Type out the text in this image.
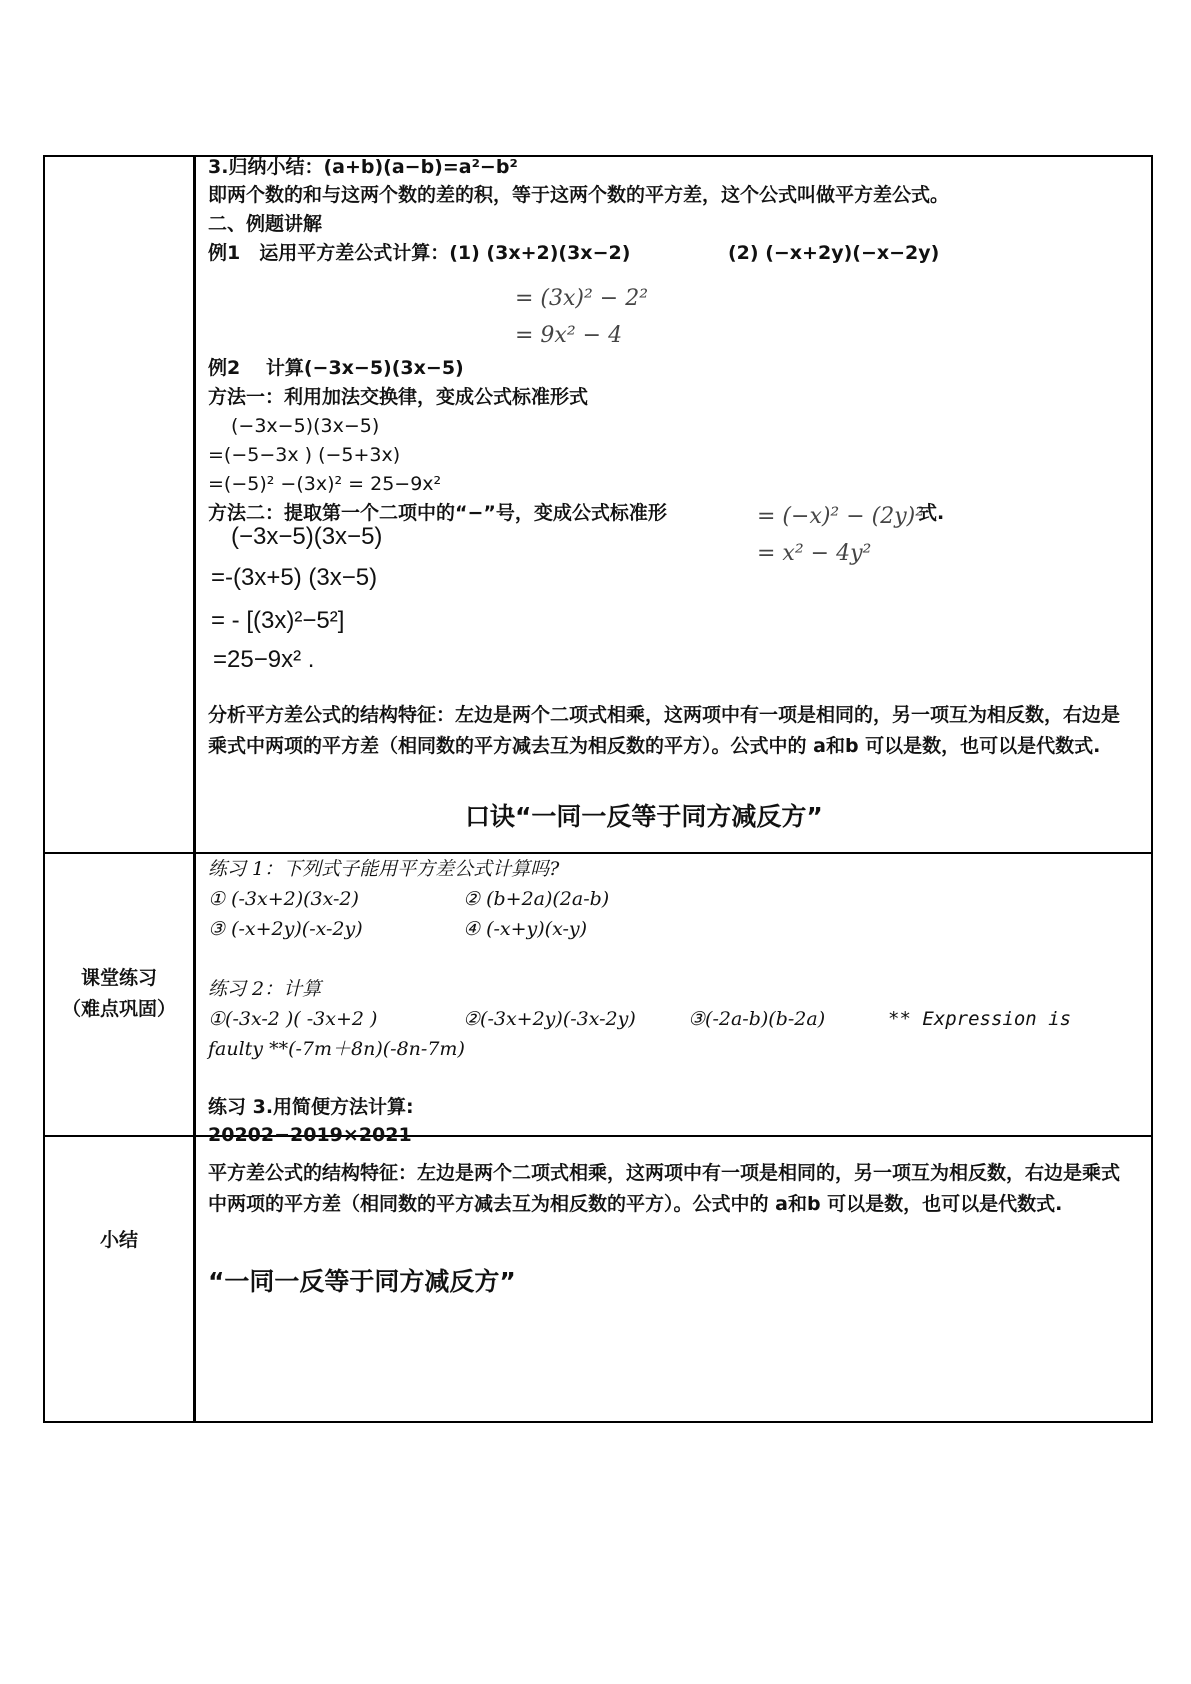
3.归纳小结：(a+b)(a−b)=a²−b²
即两个数的和与这两个数的差的积，等于这两个数的平方差，这个公式叫做平方差公式。
二、例题讲解
例1　运用平方差公式计算：(1) (3x+2)(3x−2)	(2) (−x+2y)(−x−2y)
= (3x)² − 2²
= 9x² − 4
例2　 计算(−3x−5)(3x−5)
方法一：利用加法交换律，变成公式标准形式
(−3x−5)(3x−5)
=(−5−3x ) (−5+3x)
=(−5)² −(3x)² = 25−9x²
方法二：提取第一个二项中的“−”号，变成公式标准形	= (−x)² − (2y)²
式.
= x² − 4y²
(−3x−5)(3x−5)
=-(3x+5) (3x−5)
= - [(3x)²−5²]
=25−9x² .
分析平方差公式的结构特征：左边是两个二项式相乘，这两项中有一项是相同的，另一项互为相反数，右边是乘式中两项的平方差（相同数的平方减去互为相反数的平方）。公式中的 a和b 可以是数，也可以是代数式.
口诀“一同一反等于同方减反方”
课堂练习
（难点巩固）
练习 1：下列式子能用平方差公式计算吗?
① (-3x+2)(3x-2)	② (b+2a)(2a-b)
③ (-x+2y)(-x-2y)	④ (-x+y)(x-y)
练习 2：计算
①(-3x-2 )( -3x+2 )	②(-3x+2y)(-3x-2y)	③(-2a-b)(b-2a)	** Expression is
faulty **(-7m＋8n)(-8n-7m)
练习 3.用简便方法计算:
20202−2019×2021
小结
平方差公式的结构特征：左边是两个二项式相乘，这两项中有一项是相同的，另一项互为相反数，右边是乘式中两项的平方差（相同数的平方减去互为相反数的平方）。公式中的 a和b 可以是数，也可以是代数式.
“一同一反等于同方减反方”
